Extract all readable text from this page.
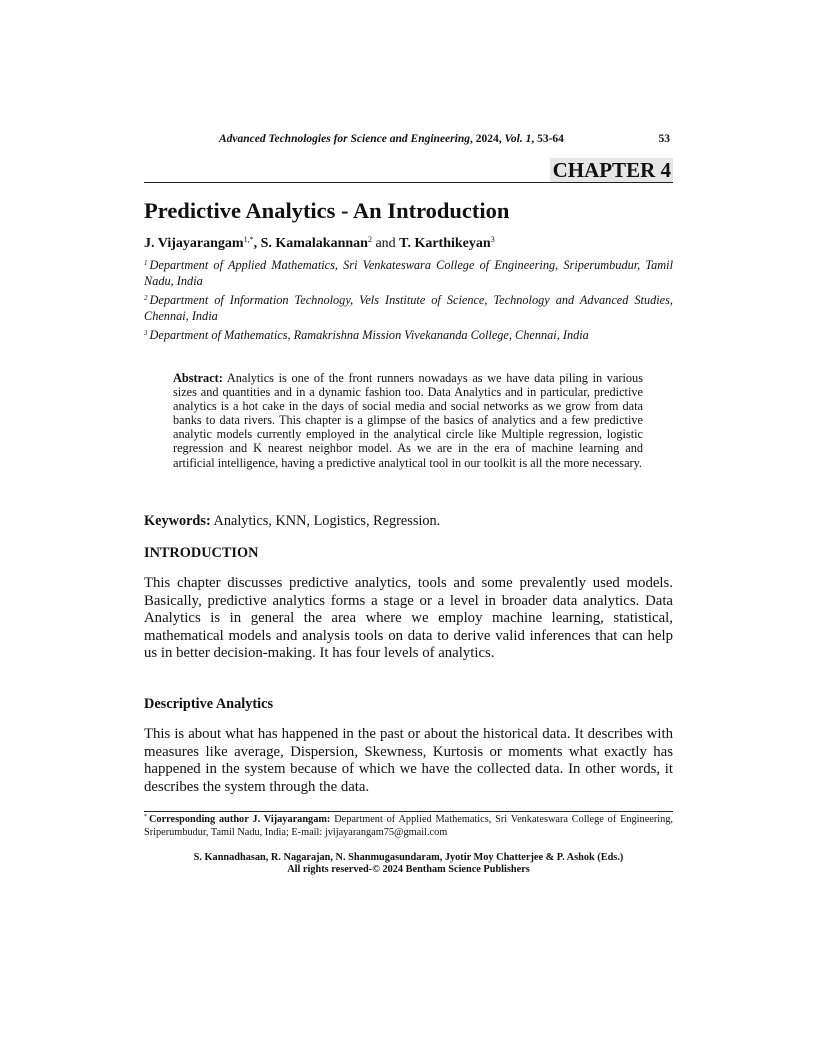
Advanced Technologies for Science and Engineering, 2024, Vol. 1, 53-64	53
CHAPTER 4
Predictive Analytics - An Introduction
J. Vijayarangam$^{1,*}$, S. Kamalakannan$^2$ and T. Karthikeyan$^3$
$^1$ Department of Applied Mathematics, Sri Venkateswara College of Engineering, Sriperumbudur, Tamil Nadu, India
$^2$ Department of Information Technology, Vels Institute of Science, Technology and Advanced Studies, Chennai, India
$^3$ Department of Mathematics, Ramakrishna Mission Vivekananda College, Chennai, India
Abstract: Analytics is one of the front runners nowadays as we have data piling in various sizes and quantities and in a dynamic fashion too. Data Analytics and in particular, predictive analytics is a hot cake in the days of social media and social networks as we grow from data banks to data rivers. This chapter is a glimpse of the basics of analytics and a few predictive analytic models currently employed in the analytical circle like Multiple regression, logistic regression and K nearest neighbor model. As we are in the era of machine learning and artificial intelligence, having a predictive analytical tool in our toolkit is all the more necessary.
Keywords: Analytics, KNN, Logistics, Regression.
INTRODUCTION
This chapter discusses predictive analytics, tools and some prevalently used models. Basically, predictive analytics forms a stage or a level in broader data analytics. Data Analytics is in general the area where we employ machine learning, statistical, mathematical models and analysis tools on data to derive valid inferences that can help us in better decision-making. It has four levels of analytics.
Descriptive Analytics
This is about what has happened in the past or about the historical data. It describes with measures like average, Dispersion, Skewness, Kurtosis or moments what exactly has happened in the system because of which we have the collected data. In other words, it describes the system through the data.
* Corresponding author J. Vijayarangam: Department of Applied Mathematics, Sri Venkateswara College of Engineering, Sriperumbudur, Tamil Nadu, India; E-mail: jvijayarangam75@gmail.com
S. Kannadhasan, R. Nagarajan, N. Shanmugasundaram, Jyotir Moy Chatterjee & P. Ashok (Eds.)
All rights reserved-© 2024 Bentham Science Publishers
